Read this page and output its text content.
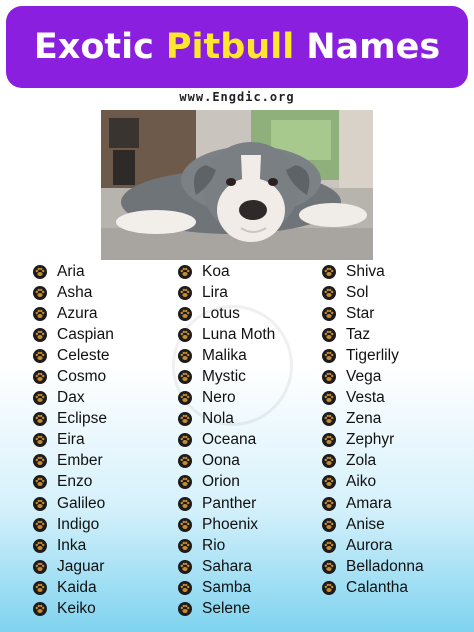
Exotic Pitbull Names
www.Engdic.org
Aria
Asha
Azura
Caspian
Celeste
Cosmo
Dax
Eclipse
Eira
Ember
Enzo
Galileo
Indigo
Inka
Jaguar
Kaida
Keiko
Koa
Lira
Lotus
Luna Moth
Malika
Mystic
Nero
Nola
Oceana
Oona
Orion
Panther
Phoenix
Rio
Sahara
Samba
Selene
Shiva
Sol
Star
Taz
Tigerlily
Vega
Vesta
Zena
Zephyr
Zola
Aiko
Amara
Anise
Aurora
Belladonna
Calantha
